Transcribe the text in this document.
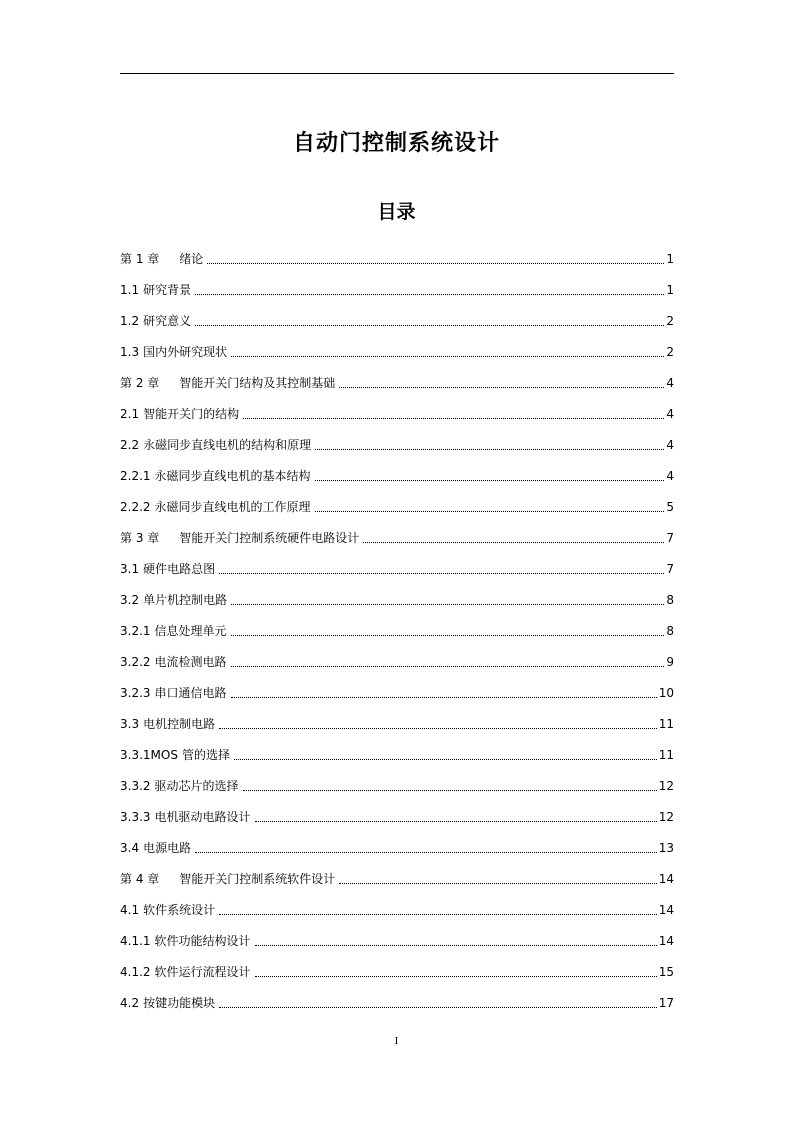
自动门控制系统设计
目录
第 1 章 绪论	1
1.1 研究背景	1
1.2 研究意义	2
1.3 国内外研究现状	2
第 2 章 智能开关门结构及其控制基础	4
2.1 智能开关门的结构	4
2.2 永磁同步直线电机的结构和原理	4
2.2.1 永磁同步直线电机的基本结构	4
2.2.2 永磁同步直线电机的工作原理	5
第 3 章 智能开关门控制系统硬件电路设计	7
3.1 硬件电路总图	7
3.2 单片机控制电路	8
3.2.1 信息处理单元	8
3.2.2 电流检测电路	9
3.2.3 串口通信电路	10
3.3 电机控制电路	11
3.3.1MOS 管的选择	11
3.3.2 驱动芯片的选择	12
3.3.3 电机驱动电路设计	12
3.4 电源电路	13
第 4 章 智能开关门控制系统软件设计	14
4.1 软件系统设计	14
4.1.1 软件功能结构设计	14
4.1.2 软件运行流程设计	15
4.2 按键功能模块	17
I
